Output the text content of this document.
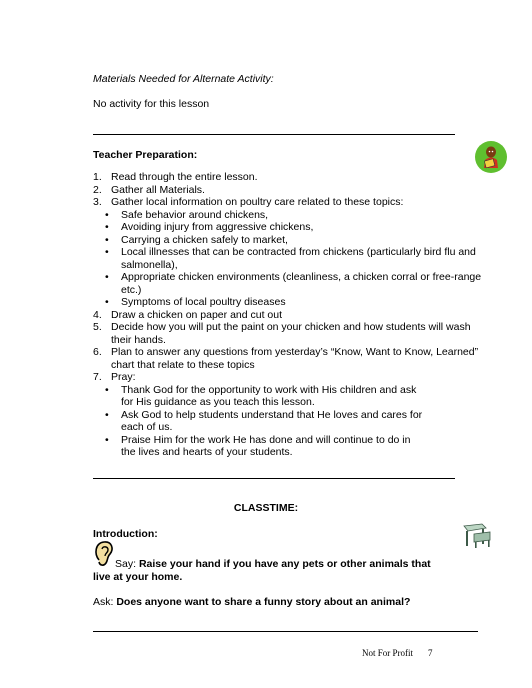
Materials Needed for Alternate Activity:
No activity for this lesson
Teacher Preparation:
1. Read through the entire lesson.
2. Gather all Materials.
3. Gather local information on poultry care related to these topics:
• Safe behavior around chickens,
• Avoiding injury from aggressive chickens,
• Carrying a chicken safely to market,
• Local illnesses that can be contracted from chickens (particularly bird flu and salmonella),
• Appropriate chicken environments (cleanliness, a chicken corral or free-range etc.)
• Symptoms of local poultry diseases
4. Draw a chicken on paper and cut out
5. Decide how you will put the paint on your chicken and how students will wash their hands.
6. Plan to answer any questions from yesterday’s “Know, Want to Know, Learned” chart that relate to these topics
7. Pray:
• Thank God for the opportunity to work with His children and ask for His guidance as you teach this lesson.
• Ask God to help students understand that He loves and cares for each of us.
• Praise Him for the work He has done and will continue to do in the lives and hearts of your students.
CLASSTIME:
Introduction:
Say: Raise your hand if you have any pets or other animals that live at your home.
Ask: Does anyone want to share a funny story about an animal?
Not For Profit 7
